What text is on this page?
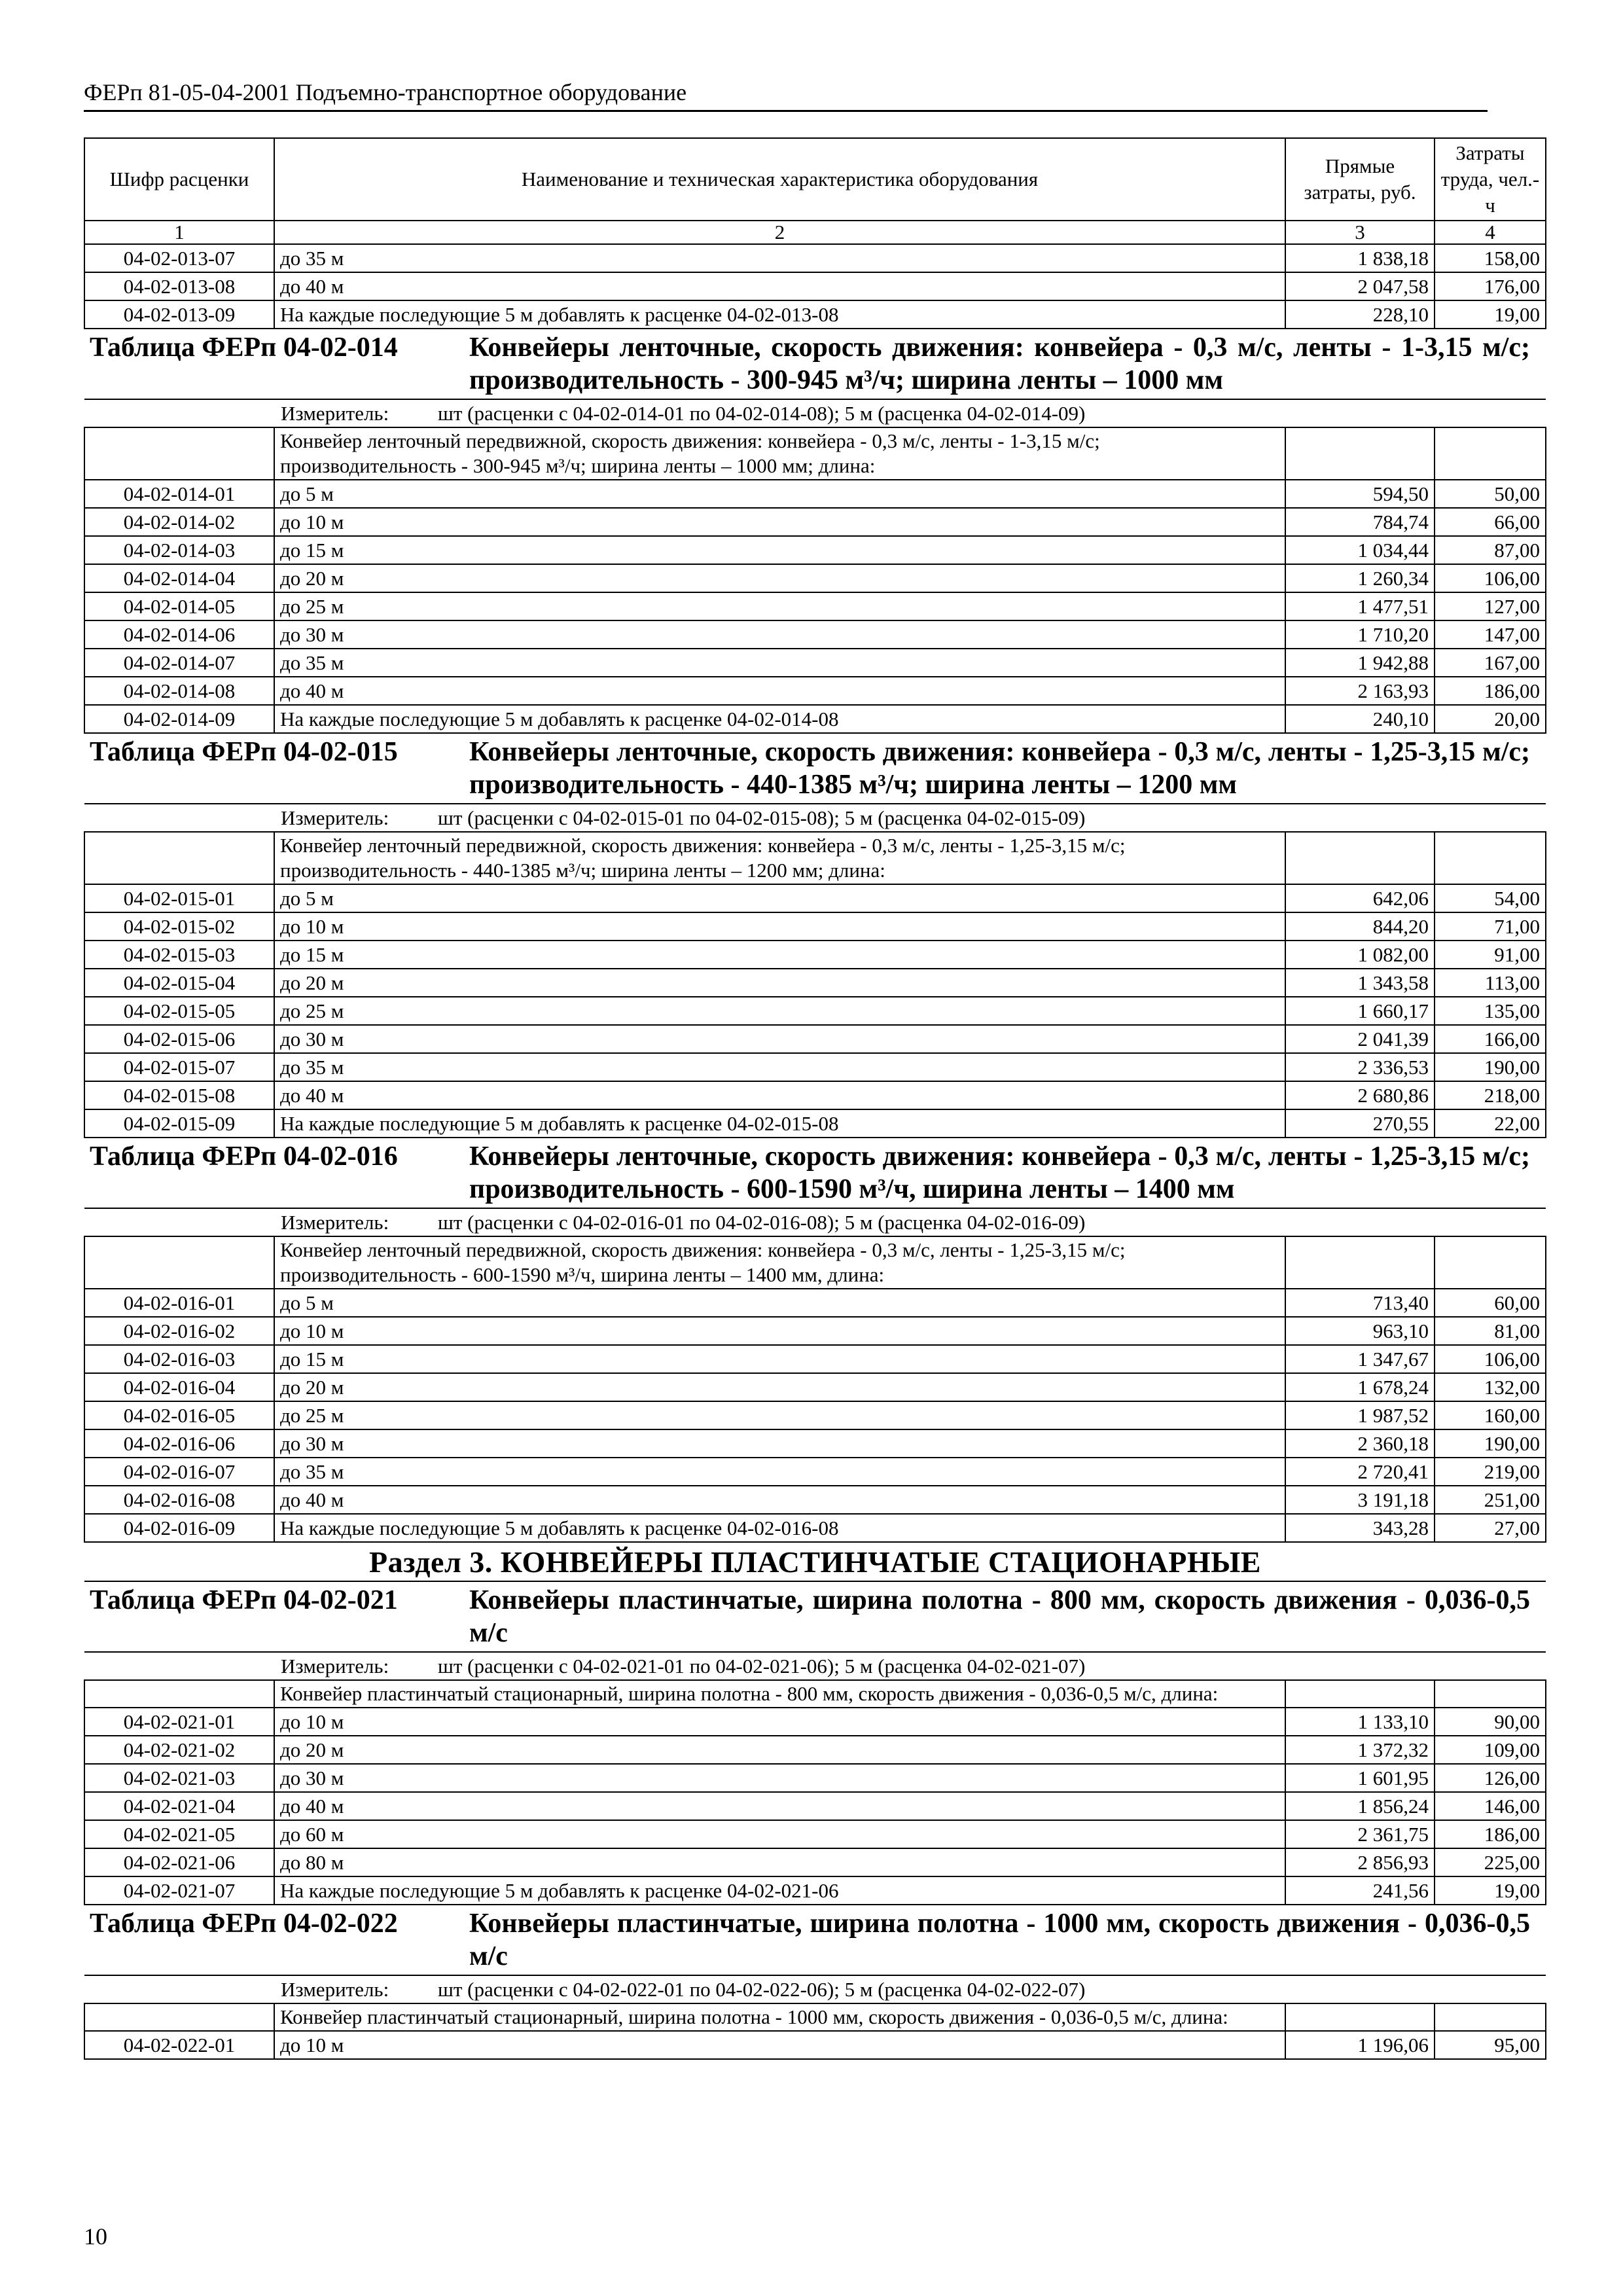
ФЕРп 81-05-04-2001 Подъемно-транспортное оборудование
Шифр расценки	Наименование и техническая характеристика оборудования	Прямые затраты, руб.	Затраты труда, чел.-ч
1	2	3	4
04-02-013-07	до 35 м	1 838,18	158,00
04-02-013-08	до 40 м	2 047,58	176,00
04-02-013-09	На каждые последующие 5 м добавлять к расценке 04-02-013-08	228,10	19,00

Таблица ФЕРп 04-02-014 Конвейеры ленточные, скорость движения: конвейера - 0,3 м/с, ленты - 1-3,15 м/с; производительность - 300-945 м³/ч; ширина ленты – 1000 мм			

Измеритель: шт (расценки с 04-02-014-01 по 04-02-014-08); 5 м (расценка 04-02-014-09)			
	Конвейер ленточный передвижной, скорость движения: конвейера - 0,3 м/с, ленты - 1-3,15 м/с; производительность - 300-945 м³/ч; ширина ленты – 1000 мм; длина:		
04-02-014-01	до 5 м	594,50	50,00
04-02-014-02	до 10 м	784,74	66,00
04-02-014-03	до 15 м	1 034,44	87,00
04-02-014-04	до 20 м	1 260,34	106,00
04-02-014-05	до 25 м	1 477,51	127,00
04-02-014-06	до 30 м	1 710,20	147,00
04-02-014-07	до 35 м	1 942,88	167,00
04-02-014-08	до 40 м	2 163,93	186,00
04-02-014-09	На каждые последующие 5 м добавлять к расценке 04-02-014-08	240,10	20,00

Таблица ФЕРп 04-02-015 Конвейеры ленточные, скорость движения: конвейера - 0,3 м/с, ленты - 1,25-3,15 м/с; производительность - 440-1385 м³/ч; ширина ленты – 1200 мм			

Измеритель: шт (расценки с 04-02-015-01 по 04-02-015-08); 5 м (расценка 04-02-015-09)			
	Конвейер ленточный передвижной, скорость движения: конвейера - 0,3 м/с, ленты - 1,25-3,15 м/с; производительность - 440-1385 м³/ч; ширина ленты – 1200 мм; длина:		
04-02-015-01	до 5 м	642,06	54,00
04-02-015-02	до 10 м	844,20	71,00
04-02-015-03	до 15 м	1 082,00	91,00
04-02-015-04	до 20 м	1 343,58	113,00
04-02-015-05	до 25 м	1 660,17	135,00
04-02-015-06	до 30 м	2 041,39	166,00
04-02-015-07	до 35 м	2 336,53	190,00
04-02-015-08	до 40 м	2 680,86	218,00
04-02-015-09	На каждые последующие 5 м добавлять к расценке 04-02-015-08	270,55	22,00

Таблица ФЕРп 04-02-016 Конвейеры ленточные, скорость движения: конвейера - 0,3 м/с, ленты - 1,25-3,15 м/с; производительность - 600-1590 м³/ч, ширина ленты – 1400 мм			

Измеритель: шт (расценки с 04-02-016-01 по 04-02-016-08); 5 м (расценка 04-02-016-09)			
	Конвейер ленточный передвижной, скорость движения: конвейера - 0,3 м/с, ленты - 1,25-3,15 м/с; производительность - 600-1590 м³/ч, ширина ленты – 1400 мм, длина:		
04-02-016-01	до 5 м	713,40	60,00
04-02-016-02	до 10 м	963,10	81,00
04-02-016-03	до 15 м	1 347,67	106,00
04-02-016-04	до 20 м	1 678,24	132,00
04-02-016-05	до 25 м	1 987,52	160,00
04-02-016-06	до 30 м	2 360,18	190,00
04-02-016-07	до 35 м	2 720,41	219,00
04-02-016-08	до 40 м	3 191,18	251,00
04-02-016-09	На каждые последующие 5 м добавлять к расценке 04-02-016-08	343,28	27,00
Раздел 3. КОНВЕЙЕРЫ ПЛАСТИНЧАТЫЕ СТАЦИОНАРНЫЕ			

Таблица ФЕРп 04-02-021 Конвейеры пластинчатые, ширина полотна - 800 мм, скорость движения - 0,036-0,5 м/с			

Измеритель: шт (расценки с 04-02-021-01 по 04-02-021-06); 5 м (расценка 04-02-021-07)			
	Конвейер пластинчатый стационарный, ширина полотна - 800 мм, скорость движения - 0,036-0,5 м/с, длина:		
04-02-021-01	до 10 м	1 133,10	90,00
04-02-021-02	до 20 м	1 372,32	109,00
04-02-021-03	до 30 м	1 601,95	126,00
04-02-021-04	до 40 м	1 856,24	146,00
04-02-021-05	до 60 м	2 361,75	186,00
04-02-021-06	до 80 м	2 856,93	225,00
04-02-021-07	На каждые последующие 5 м добавлять к расценке 04-02-021-06	241,56	19,00

Таблица ФЕРп 04-02-022 Конвейеры пластинчатые, ширина полотна - 1000 мм, скорость движения - 0,036-0,5 м/с			

Измеритель: шт (расценки с 04-02-022-01 по 04-02-022-06); 5 м (расценка 04-02-022-07)			
	Конвейер пластинчатый стационарный, ширина полотна - 1000 мм, скорость движения - 0,036-0,5 м/с, длина:		
04-02-022-01	до 10 м	1 196,06	95,00
10
